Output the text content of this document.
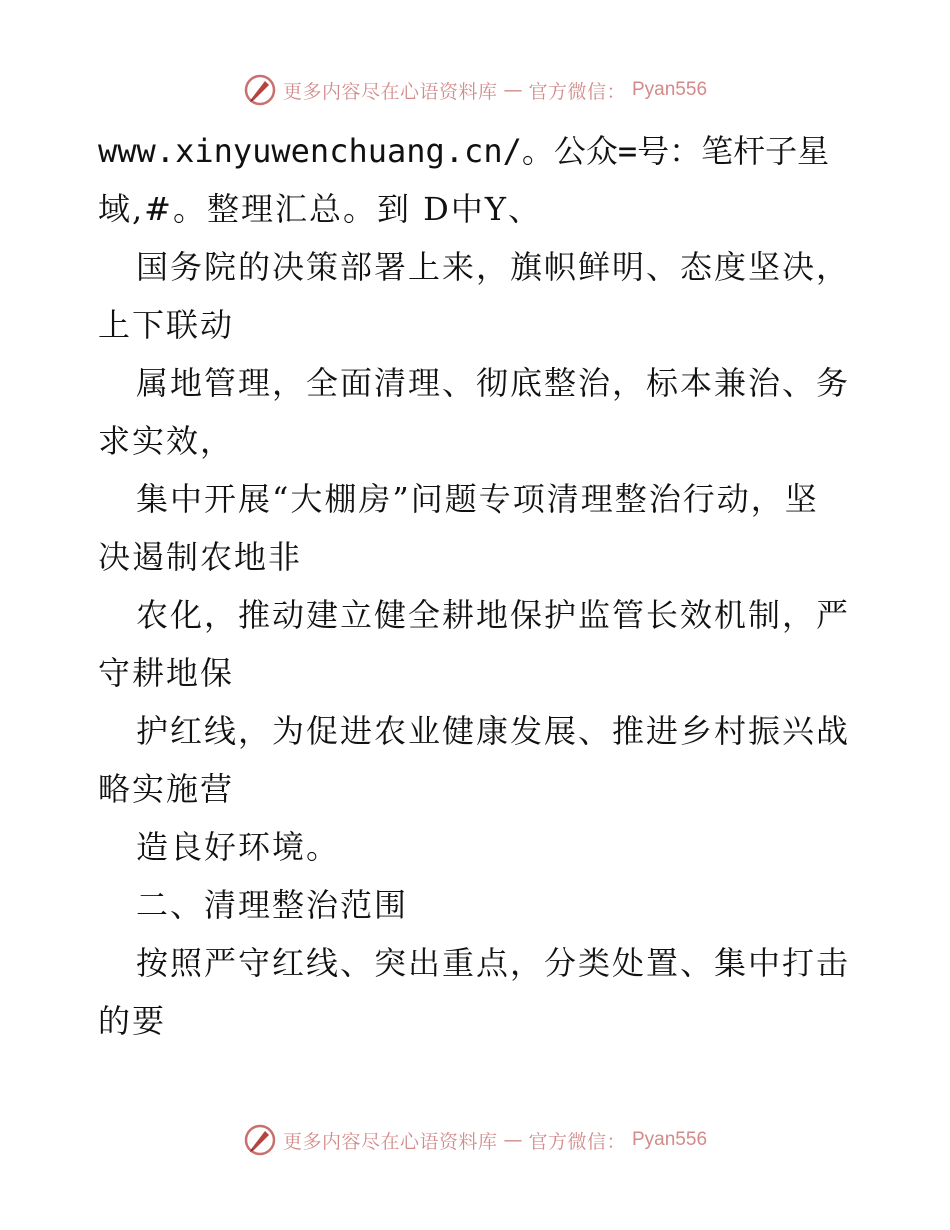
更多内容尽在心语资料库 — 官方微信： Pyan556
www.xinyuwenchuang.cn/。公众=号：笔杆子星
域,#。整理汇总。到 D中Y、
国务院的决策部署上来，旗帜鲜明、态度坚决，
上下联动
属地管理，全面清理、彻底整治，标本兼治、务
求实效，
集中开展“大棚房”问题专项清理整治行动，坚
决遏制农地非
农化，推动建立健全耕地保护监管长效机制，严
守耕地保
护红线，为促进农业健康发展、推进乡村振兴战
略实施营
造良好环境。
二、清理整治范围
按照严守红线、突出重点，分类处置、集中打击
的要
更多内容尽在心语资料库 — 官方微信： Pyan556
